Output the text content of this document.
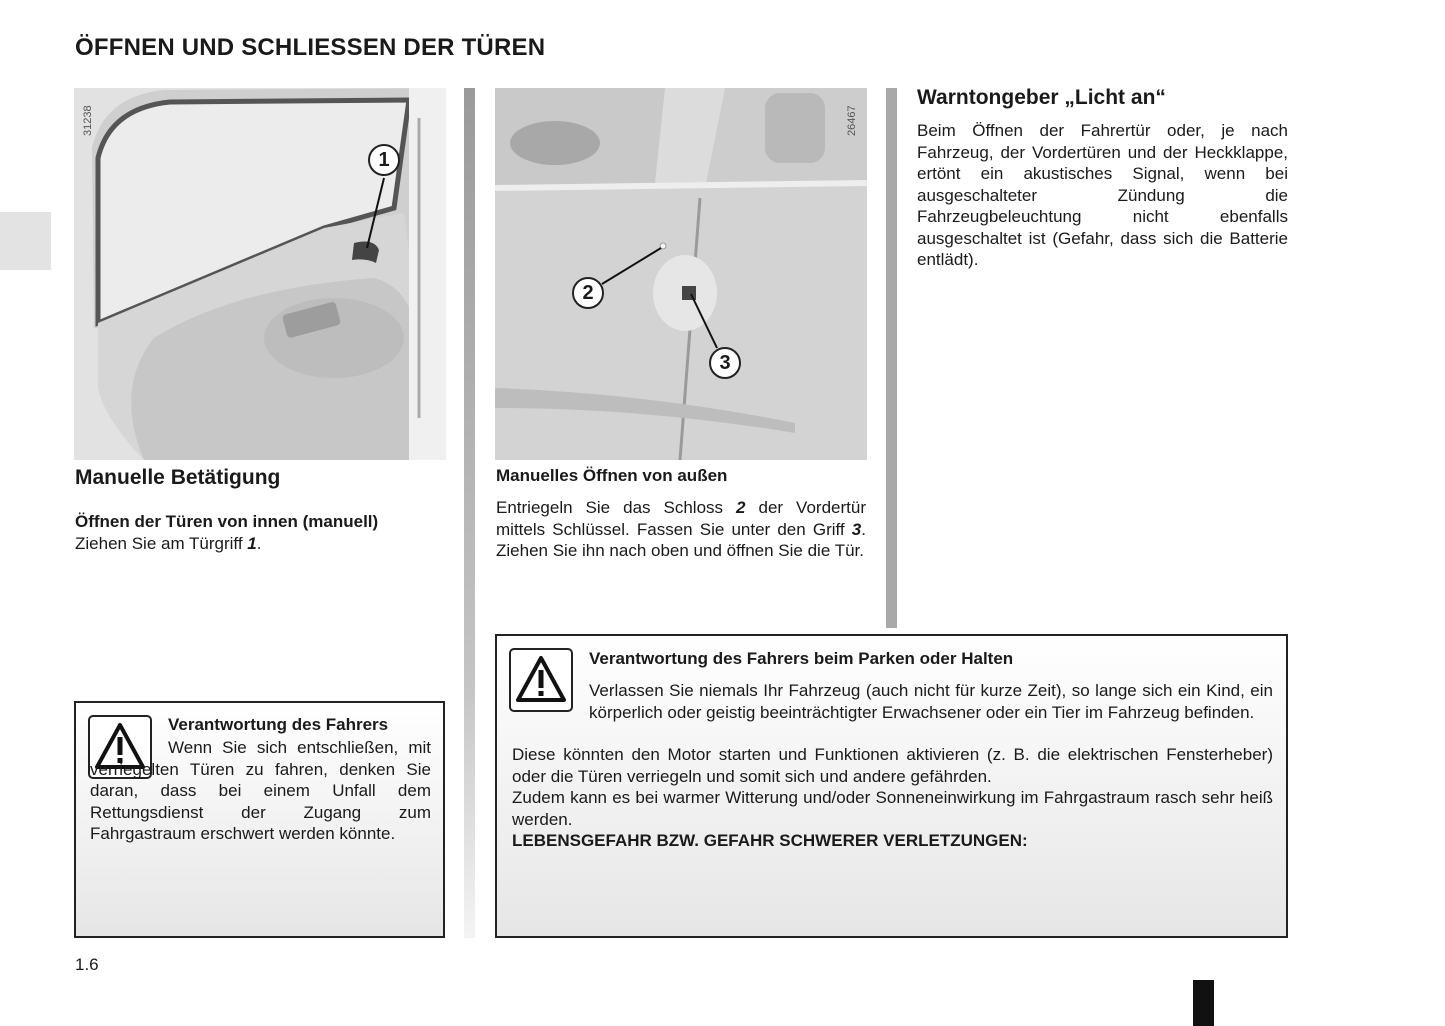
ÖFFNEN UND SCHLIESSEN DER TÜREN
1
31238
2
3
26467
Manuelle Betätigung
Öffnen der Türen von innen (manuell)
Ziehen Sie am Türgriff 1.
Manuelles Öffnen von außen
Entriegeln Sie das Schloss 2 der Vordertür mittels Schlüssel. Fassen Sie unter den Griff 3. Ziehen Sie ihn nach oben und öffnen Sie die Tür.
Warntongeber „Licht an“
Beim Öffnen der Fahrertür oder, je nach Fahrzeug, der Vordertüren und der Heckklappe, ertönt ein akustisches Signal, wenn bei ausgeschalteter Zündung die Fahrzeugbeleuchtung nicht ebenfalls ausgeschaltet ist (Gefahr, dass sich die Batterie entlädt).
Verantwortung des Fahrers
Wenn Sie sich entschließen, mit verriegelten Türen zu fahren, denken Sie daran, dass bei einem Unfall dem Rettungsdienst der Zugang zum Fahrgastraum erschwert werden könnte.
Verantwortung des Fahrers beim Parken oder Halten
Verlassen Sie niemals Ihr Fahrzeug (auch nicht für kurze Zeit), so lange sich ein Kind, ein körperlich oder geistig beeinträchtigter Erwachsener oder ein Tier im Fahrzeug befinden.
Diese könnten den Motor starten und Funktionen aktivieren (z. B. die elektrischen Fensterheber) oder die Türen verriegeln und somit sich und andere gefährden.
Zudem kann es bei warmer Witterung und/oder Sonneneinwirkung im Fahrgastraum rasch sehr heiß werden.
LEBENSGEFAHR BZW. GEFAHR SCHWERER VERLETZUNGEN:
1.6
